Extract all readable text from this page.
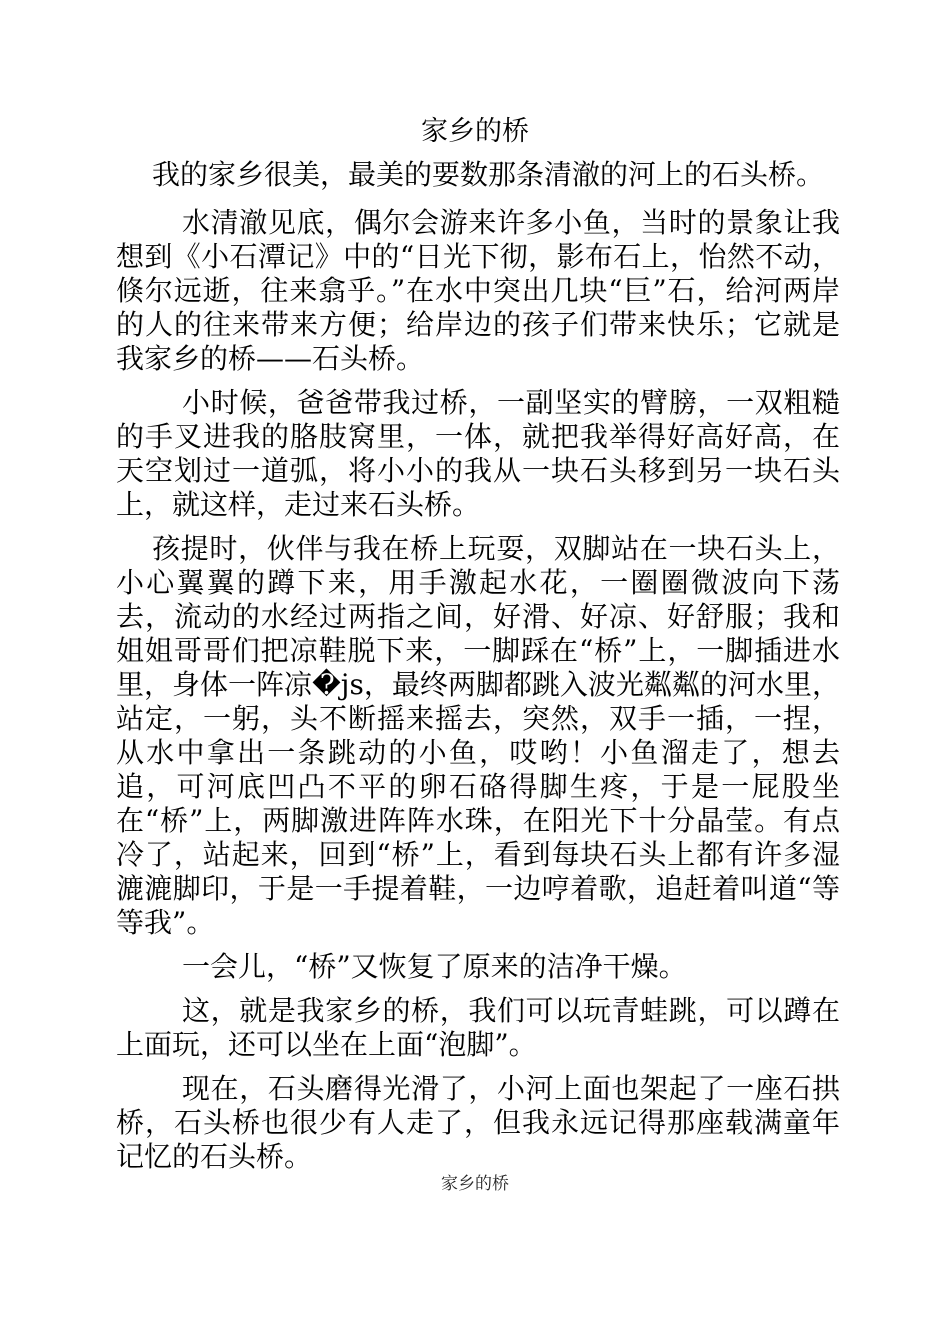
家乡的桥

我的家乡很美，最美的要数那条清澈的河上的石头桥。

水清澈见底，偶尔会游来许多小鱼，当时的景象让我想到《小石潭记》中的“日光下彻，影布石上，怡然不动，倏尔远逝，往来翕乎。”在水中突出几块“巨”石，给河两岸的人的往来带来方便；给岸边的孩子们带来快乐；它就是我家乡的桥——石头桥。

小时候，爸爸带我过桥，一副坚实的臂膀，一双粗糙的手叉进我的胳肢窝里，一体，就把我举得好高好高，在天空划过一道弧，将小小的我从一块石头移到另一块石头上，就这样，走过来石头桥。

孩提时，伙伴与我在桥上玩耍，双脚站在一块石头上，小心翼翼的蹲下来，用手激起水花，一圈圈微波向下荡去，流动的水经过两指之间，好滑、好凉、好舒服；我和姐姐哥哥们把凉鞋脱下来，一脚踩在“桥”上，一脚插进水里，身体一阵凉�js，最终两脚都跳入波光粼粼的河水里，站定，一躬，头不断摇来摇去，突然，双手一插，一捏，从水中拿出一条跳动的小鱼，哎哟！小鱼溜走了，想去追，可河底凹凸不平的卵石硌得脚生疼，于是一屁股坐在“桥”上，两脚激进阵阵水珠，在阳光下十分晶莹。有点冷了，站起来，回到“桥”上，看到每块石头上都有许多湿漉漉脚印，于是一手提着鞋，一边哼着歌，追赶着叫道“等等我”。

一会儿，“桥”又恢复了原来的洁净干燥。

这，就是我家乡的桥，我们可以玩青蛙跳，可以蹲在上面玩，还可以坐在上面“泡脚”。

现在，石头磨得光滑了，小河上面也架起了一座石拱桥，石头桥也很少有人走了，但我永远记得那座载满童年记忆的石头桥。

家乡的桥
